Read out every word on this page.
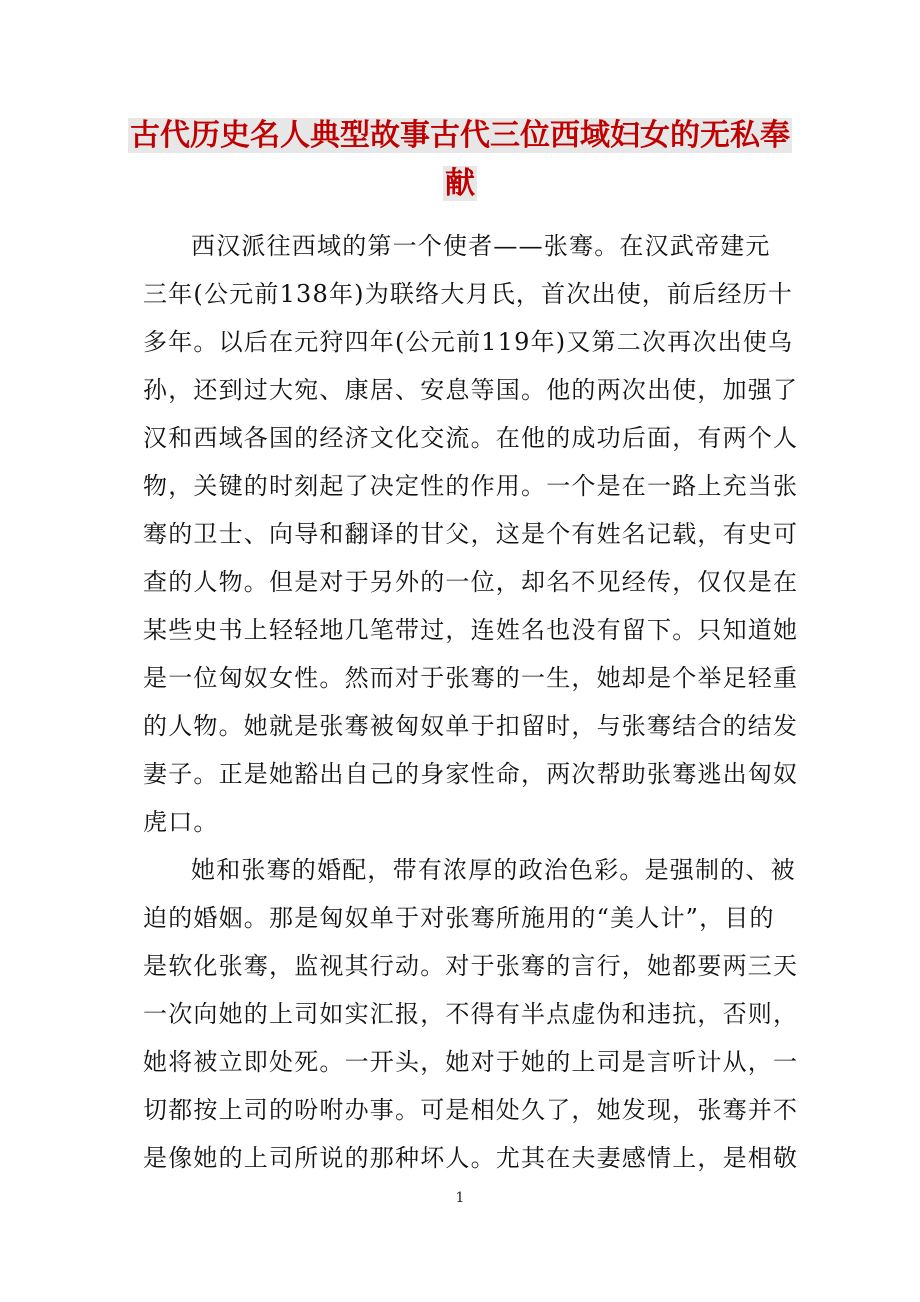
古代历史名人典型故事古代三位西域妇女的无私奉
献
西汉派往西域的第一个使者——张骞。在汉武帝建元
三年(公元前138年)为联络大月氏，首次出使，前后经历十
多年。以后在元狩四年(公元前119年)又第二次再次出使乌
孙，还到过大宛、康居、安息等国。他的两次出使，加强了
汉和西域各国的经济文化交流。在他的成功后面，有两个人
物，关键的时刻起了决定性的作用。一个是在一路上充当张
骞的卫士、向导和翻译的甘父，这是个有姓名记载，有史可
查的人物。但是对于另外的一位，却名不见经传，仅仅是在
某些史书上轻轻地几笔带过，连姓名也没有留下。只知道她
是一位匈奴女性。然而对于张骞的一生，她却是个举足轻重
的人物。她就是张骞被匈奴单于扣留时，与张骞结合的结发
妻子。正是她豁出自己的身家性命，两次帮助张骞逃出匈奴
虎口。
她和张骞的婚配，带有浓厚的政治色彩。是强制的、被
迫的婚姻。那是匈奴单于对张骞所施用的“美人计”，目的
是软化张骞，监视其行动。对于张骞的言行，她都要两三天
一次向她的上司如实汇报，不得有半点虚伪和违抗，否则，
她将被立即处死。一开头，她对于她的上司是言听计从，一
切都按上司的吩咐办事。可是相处久了，她发现，张骞并不
是像她的上司所说的那种坏人。尤其在夫妻感情上，是相敬
1
